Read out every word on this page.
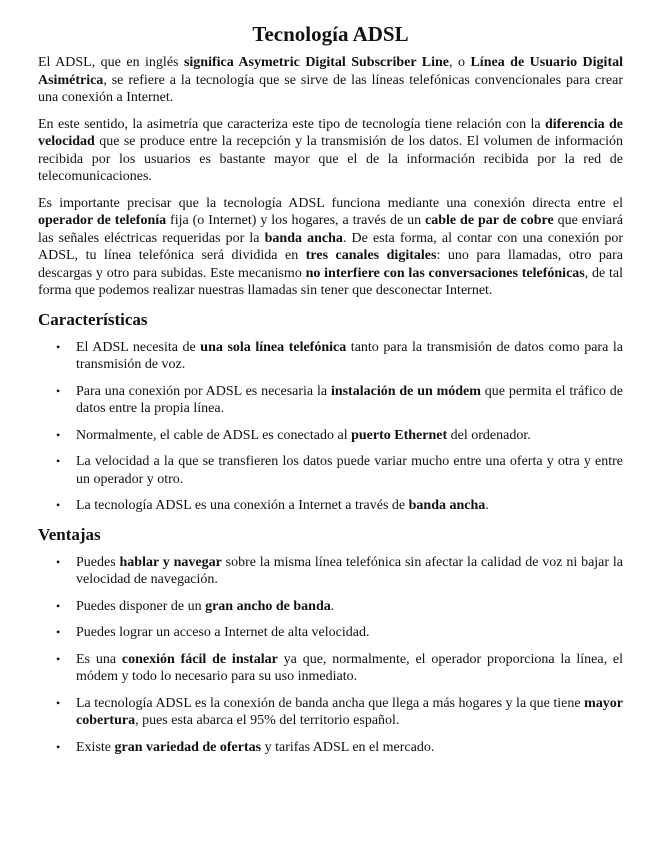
Tecnología ADSL

El ADSL, que en inglés significa Asymetric Digital Subscriber Line, o Línea de Usuario Digital Asimétrica, se refiere a la tecnología que se sirve de las líneas telefónicas convencionales para crear una conexión a Internet.

En este sentido, la asimetría que caracteriza este tipo de tecnología tiene relación con la diferencia de velocidad que se produce entre la recepción y la transmisión de los datos. El volumen de información recibida por los usuarios es bastante mayor que el de la información recibida por la red de telecomunicaciones.

Es importante precisar que la tecnología ADSL funciona mediante una conexión directa entre el operador de telefonía fija (o Internet) y los hogares, a través de un cable de par de cobre que enviará las señales eléctricas requeridas por la banda ancha. De esta forma, al contar con una conexión por ADSL, tu línea telefónica será dividida en tres canales digitales: uno para llamadas, otro para descargas y otro para subidas. Este mecanismo no interfiere con las conversaciones telefónicas, de tal forma que podemos realizar nuestras llamadas sin tener que desconectar Internet.

Características
• El ADSL necesita de una sola línea telefónica tanto para la transmisión de datos como para la transmisión de voz.
• Para una conexión por ADSL es necesaria la instalación de un módem que permita el tráfico de datos entre la propia línea.
• Normalmente, el cable de ADSL es conectado al puerto Ethernet del ordenador.
• La velocidad a la que se transfieren los datos puede variar mucho entre una oferta y otra y entre un operador y otro.
• La tecnología ADSL es una conexión a Internet a través de banda ancha.
Ventajas
• Puedes hablar y navegar sobre la misma línea telefónica sin afectar la calidad de voz ni bajar la velocidad de navegación.
• Puedes disponer de un gran ancho de banda.
• Puedes lograr un acceso a Internet de alta velocidad.
• Es una conexión fácil de instalar ya que, normalmente, el operador proporciona la línea, el módem y todo lo necesario para su uso inmediato.
• La tecnología ADSL es la conexión de banda ancha que llega a más hogares y la que tiene mayor cobertura, pues esta abarca el 95% del territorio español.
• Existe gran variedad de ofertas y tarifas ADSL en el mercado.
